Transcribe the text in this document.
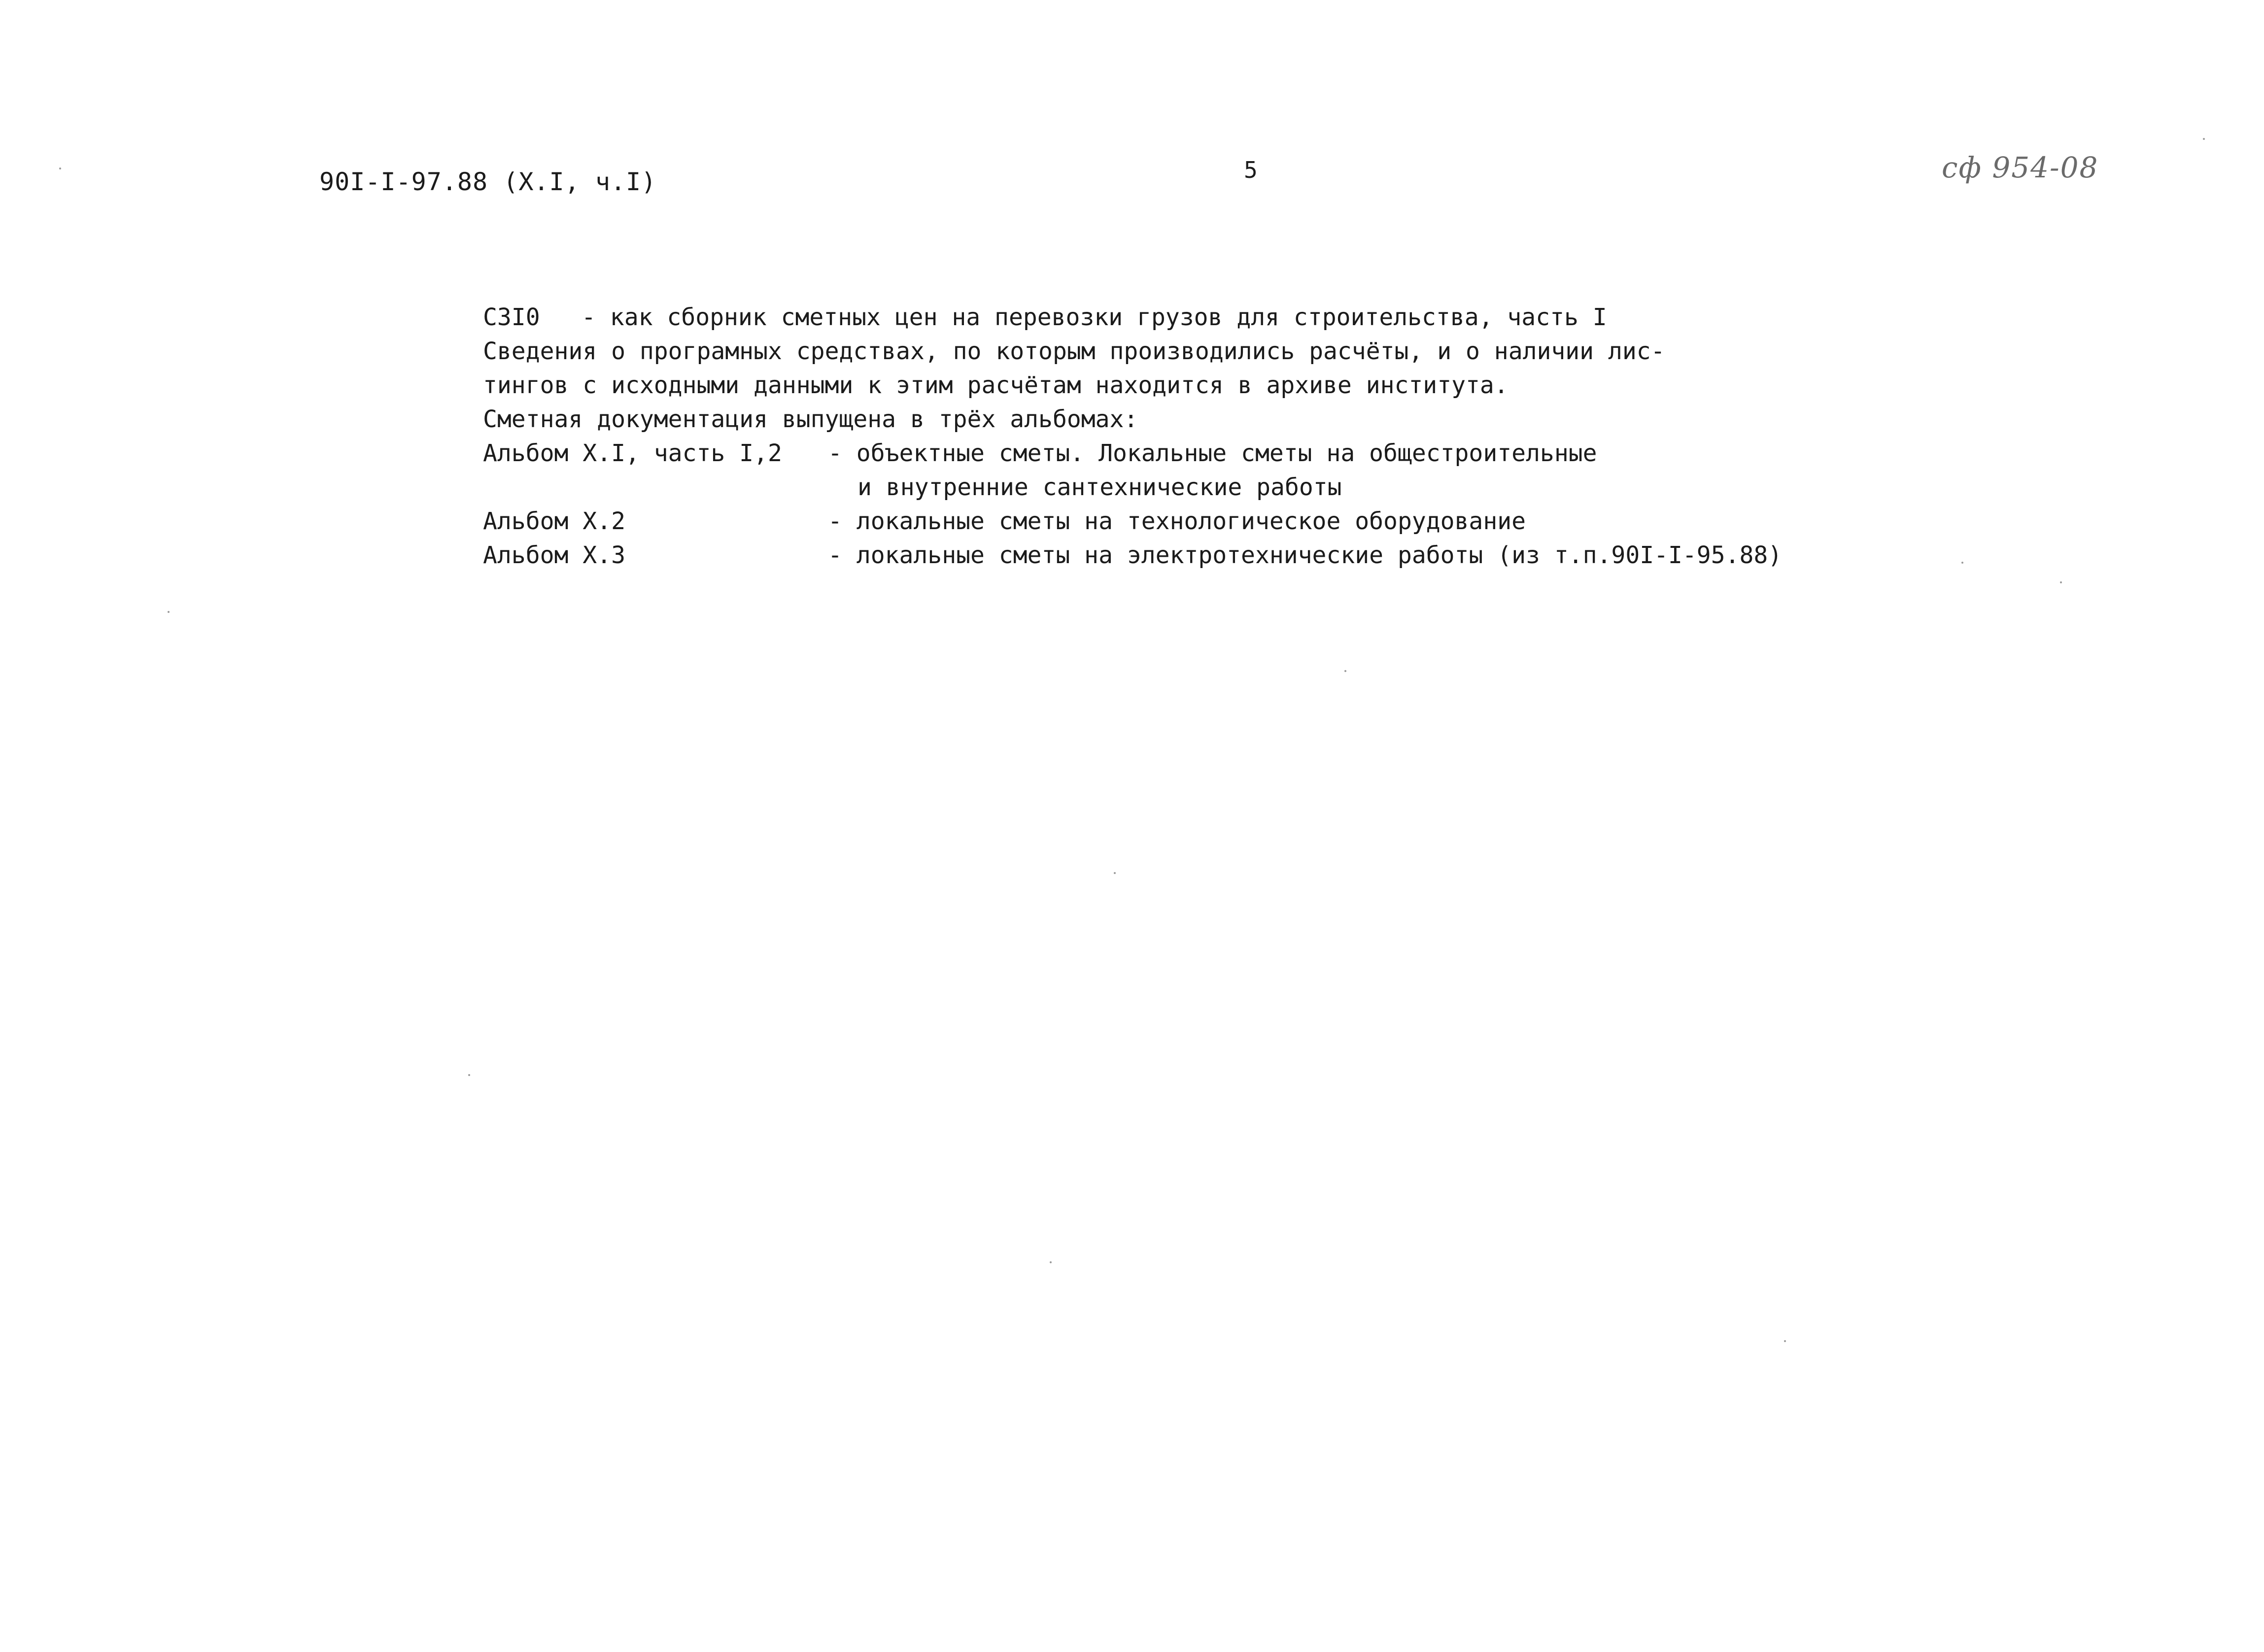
90I-I-97.88 (X.I, ч.I)	5	сф 954-08
С3I0 - как сборник сметных цен на перевозки грузов для строительства, часть I
Сведения о програмных средствах, по которым производились расчёты, и о наличии лис-
тингов с исходными данными к этим расчётам находится в архиве института.
Сметная документация выпущена в трёх альбомах:
Альбом X.I, часть I,2 - объектные сметы. Локальные сметы на общестроительные
и внутренние сантехнические работы
Альбом X.2	- локальные сметы на технологическое оборудование
Альбом X.3	- локальные сметы на электротехнические работы (из т.п.90I-I-95.88)
